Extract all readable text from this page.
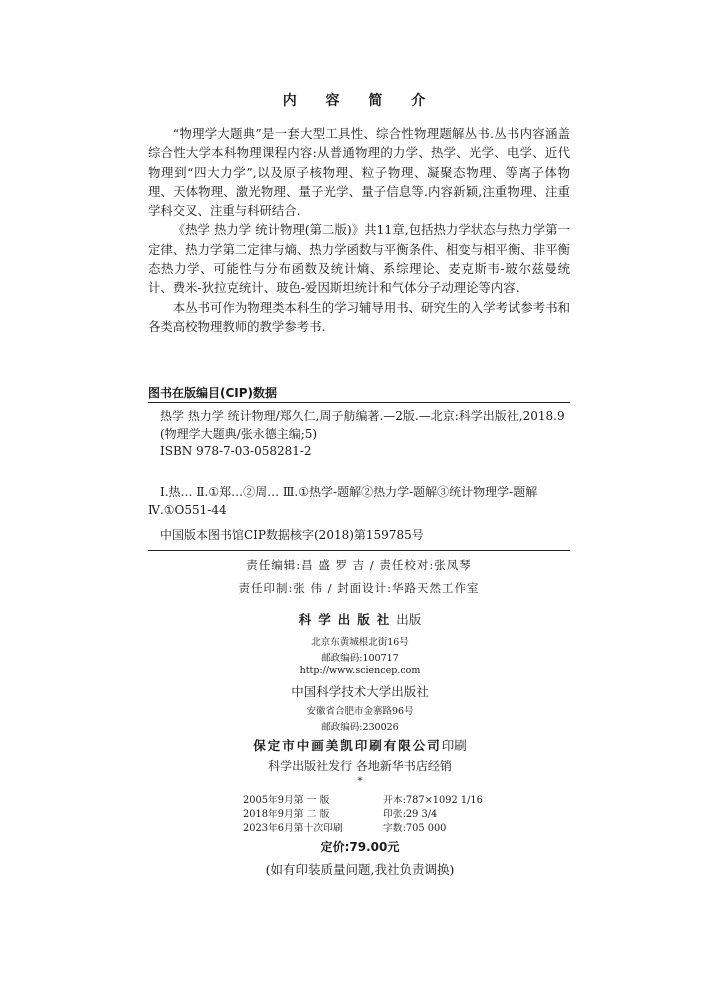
内 容 简 介

“物理学大题典”是一套大型工具性、综合性物理题解丛书.丛书内容涵盖综合性大学本科物理课程内容:从普通物理的力学、热学、光学、电学、近代物理到“四大力学”,以及原子核物理、粒子物理、凝聚态物理、等离子体物理、天体物理、激光物理、量子光学、量子信息等.内容新颖,注重物理、注重学科交叉、注重与科研结合.

《热学 热力学 统计物理(第二版)》共11章,包括热力学状态与热力学第一定律、热力学第二定律与熵、热力学函数与平衡条件、相变与相平衡、非平衡态热力学、可能性与分布函数及统计熵、系综理论、麦克斯韦-玻尔兹曼统计、费米-狄拉克统计、玻色-爱因斯坦统计和气体分子动理论等内容.

本丛书可作为物理类本科生的学习辅导用书、研究生的入学考试参考书和各类高校物理教师的教学参考书.

图书在版编目(CIP)数据

热学 热力学 统计物理/郑久仁,周子舫编著.—2版.—北京:科学出版社,2018.9

(物理学大题典/张永德主编;5)

ISBN 978-7-03-058281-2

Ⅰ.热… Ⅱ.①郑…②周… Ⅲ.①热学-题解②热力学-题解③统计物理学-题解 Ⅳ.①O551-44

中国版本图书馆CIP数据核字(2018)第159785号

责任编辑:昌 盛 罗 吉 / 责任校对:张凤琴
责任印制:张 伟 / 封面设计:华路天然工作室
科学出版社出版
北京东黄城根北街16号
邮政编码:100717
http://www.sciencep.com
中国科学技术大学出版社
安徽省合肥市金寨路96号
邮政编码:230026
保定市中画美凯印刷有限公司印刷
科学出版社发行 各地新华书店经销
*
2005年9月第 一 版	开本:787×1092 1/16
2018年9月第 二 版	印张:29 3/4
2023年6月第十次印刷	字数:705 000
定价:79.00元
(如有印装质量问题,我社负责调换)
